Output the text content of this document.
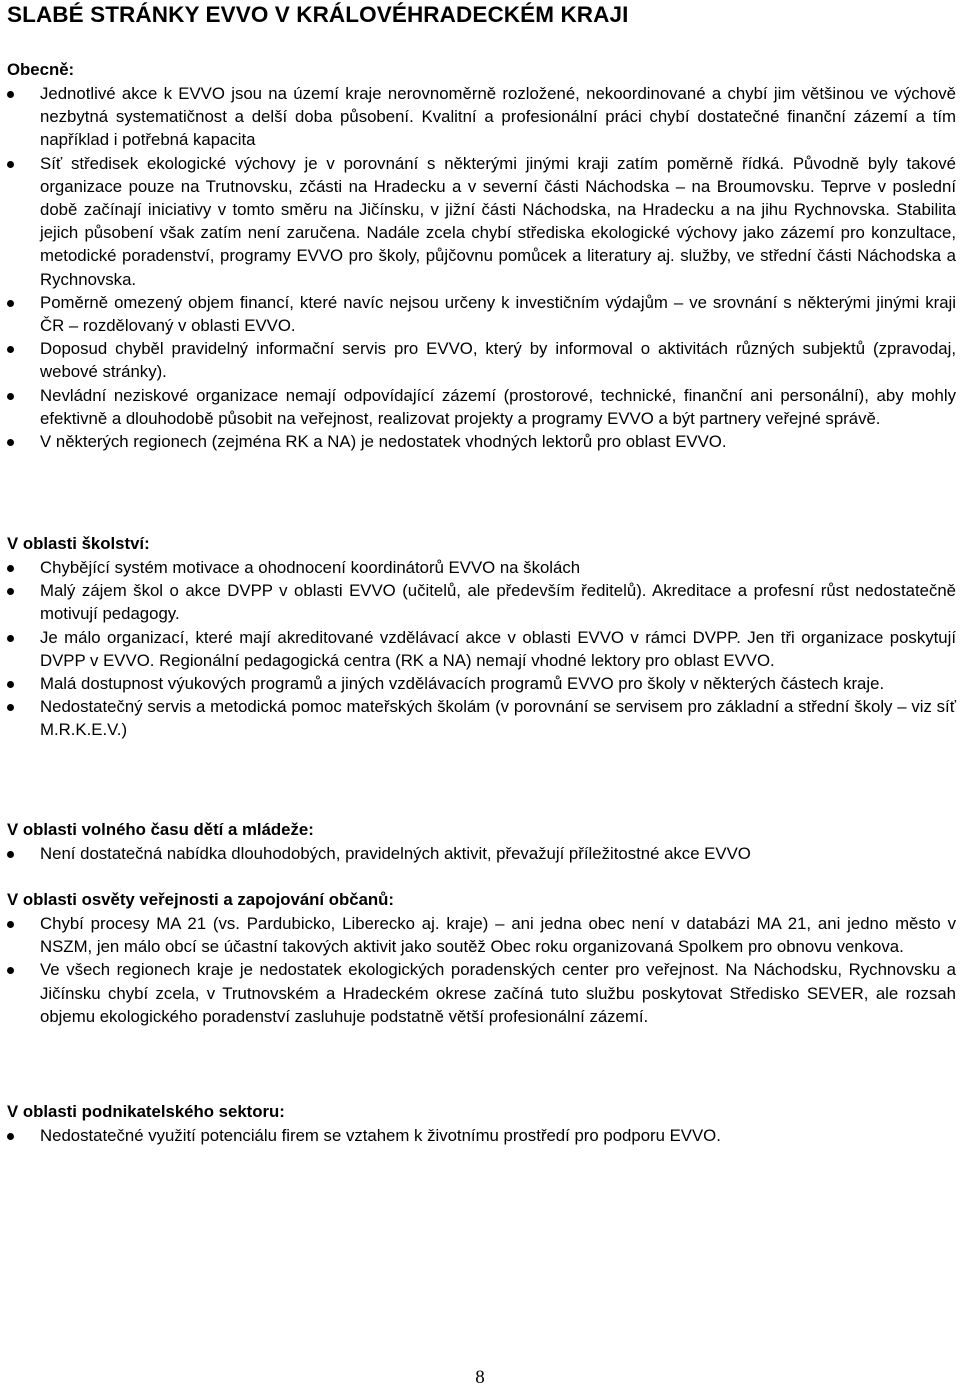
SLABÉ STRÁNKY EVVO V KRÁLOVÉHRADECKÉM KRAJI
Obecně:
Jednotlivé akce k EVVO jsou na území kraje nerovnoměrně rozložené, nekoordinované a chybí jim většinou ve výchově nezbytná systematičnost a delší doba působení. Kvalitní a profesionální práci chybí dostatečné finanční zázemí a tím například i potřebná kapacita
Síť středisek ekologické výchovy je v porovnání s některými jinými kraji zatím poměrně řídká. Původně byly takové organizace pouze na Trutnovsku, zčásti na Hradecku a v severní části Náchodska – na Broumovsku. Teprve v poslední době začínají iniciativy v tomto směru na Jičínsku, v jižní části Náchodska, na Hradecku a na jihu Rychnovska. Stabilita jejich působení však zatím není zaručena. Nadále zcela chybí střediska ekologické výchovy jako zázemí pro konzultace, metodické poradenství, programy EVVO pro školy, půjčovnu pomůcek a literatury aj. služby, ve střední části Náchodska a Rychnovska.
Poměrně omezený objem financí, které navíc nejsou určeny k investičním výdajům – ve srovnání s některými jinými kraji ČR – rozdělovaný v oblasti EVVO.
Doposud chyběl pravidelný informační servis pro EVVO, který by informoval o aktivitách různých subjektů (zpravodaj, webové stránky).
Nevládní neziskové organizace nemají odpovídající zázemí (prostorové, technické, finanční ani personální), aby mohly efektivně a dlouhodobě působit na veřejnost, realizovat projekty a programy EVVO a být partnery veřejné správě.
V některých regionech (zejména RK a NA) je nedostatek vhodných lektorů pro oblast EVVO.
V oblasti školství:
Chybějící systém motivace a ohodnocení koordinátorů EVVO na školách
Malý zájem škol o akce DVPP v oblasti EVVO (učitelů, ale především ředitelů). Akreditace a profesní růst nedostatečně motivují pedagogy.
Je málo organizací, které mají akreditované vzdělávací akce v oblasti EVVO v rámci DVPP. Jen tři organizace poskytují DVPP v EVVO. Regionální pedagogická centra (RK a NA) nemají vhodné lektory pro oblast EVVO.
Malá dostupnost výukových programů a jiných vzdělávacích programů EVVO pro školy v některých částech kraje.
Nedostatečný servis a metodická pomoc mateřských školám (v porovnání se servisem pro základní a střední školy – viz síť M.R.K.E.V.)
V oblasti volného času dětí a mládeže:
Není dostatečná nabídka dlouhodobých, pravidelných aktivit, převažují příležitostné akce EVVO
V oblasti osvěty veřejnosti a zapojování občanů:
Chybí procesy MA 21 (vs. Pardubicko, Liberecko aj. kraje) – ani jedna obec není v databázi MA 21, ani jedno město v NSZM, jen málo obcí se účastní takových aktivit jako soutěž Obec roku organizovaná Spolkem pro obnovu venkova.
Ve všech regionech kraje je nedostatek ekologických poradenských center pro veřejnost. Na Náchodsku, Rychnovsku a Jičínsku chybí zcela, v Trutnovském a Hradeckém okrese začíná tuto službu poskytovat Středisko SEVER, ale rozsah objemu ekologického poradenství zasluhuje podstatně větší profesionální zázemí.
V oblasti podnikatelského sektoru:
Nedostatečné využití potenciálu firem se vztahem k životnímu prostředí pro podporu EVVO.
8
